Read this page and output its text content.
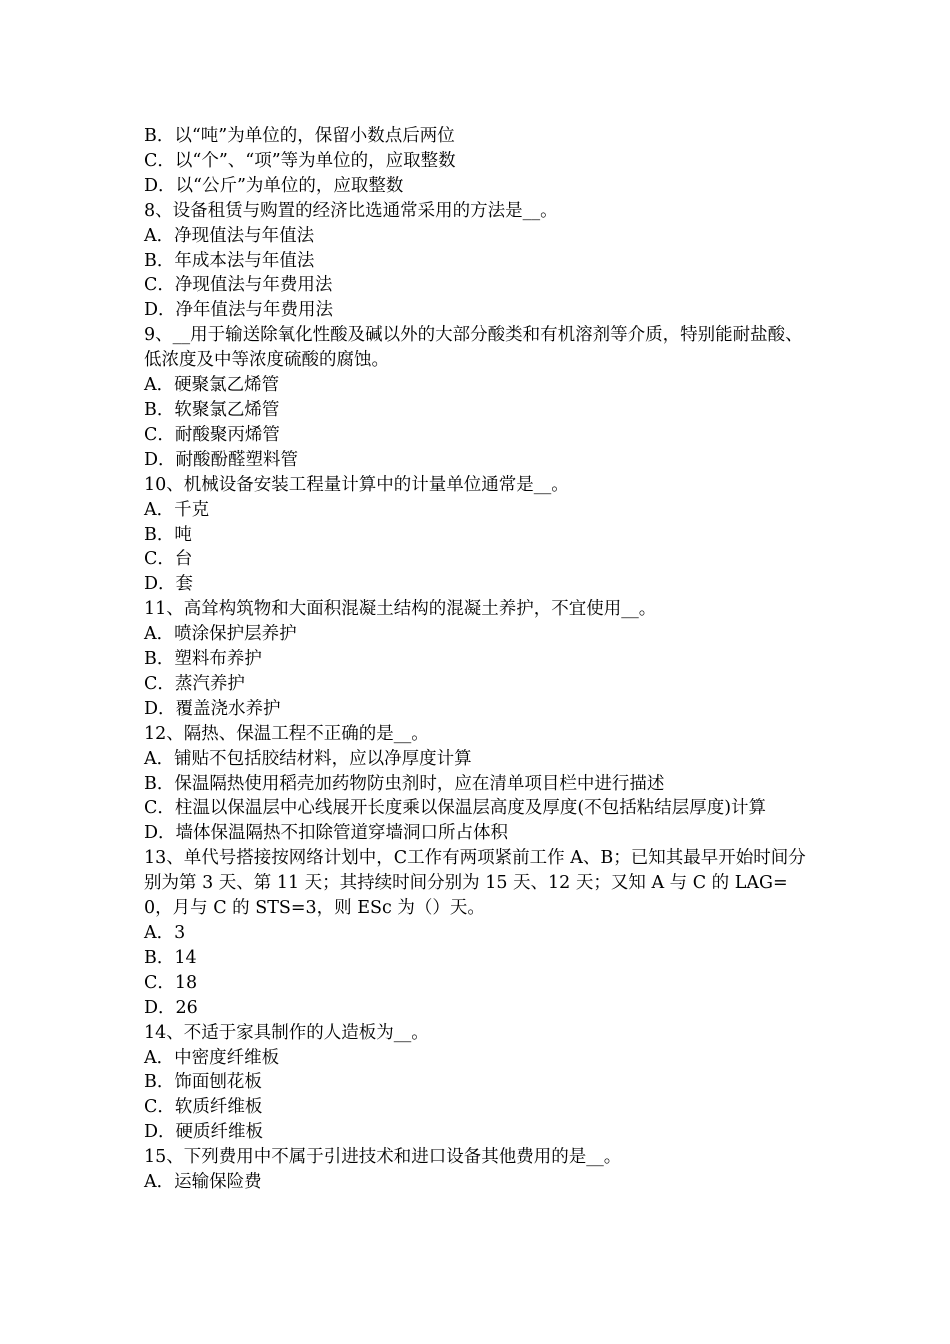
B．以“吨”为单位的，保留小数点后两位

C．以“个”、“项”等为单位的，应取整数

D．以“公斤”为单位的，应取整数

8、设备租赁与购置的经济比选通常采用的方法是__。

A．净现值法与年值法

B．年成本法与年值法

C．净现值法与年费用法

D．净年值法与年费用法

9、__用于输送除氧化性酸及碱以外的大部分酸类和有机溶剂等介质，特别能耐盐酸、低浓度及中等浓度硫酸的腐蚀。

A．硬聚氯乙烯管

B．软聚氯乙烯管

C．耐酸聚丙烯管

D．耐酸酚醛塑料管

10、机械设备安装工程量计算中的计量单位通常是__。

A．千克

B．吨

C．台

D．套

11、高耸构筑物和大面积混凝土结构的混凝土养护，不宜使用__。

A．喷涂保护层养护

B．塑料布养护

C．蒸汽养护

D．覆盖浇水养护

12、隔热、保温工程不正确的是__。

A．铺贴不包括胶结材料，应以净厚度计算

B．保温隔热使用稻壳加药物防虫剂时，应在清单项目栏中进行描述

C．柱温以保温层中心线展开长度乘以保温层高度及厚度(不包括粘结层厚度)计算

D．墙体保温隔热不扣除管道穿墙洞口所占体积

13、单代号搭接按网络计划中，C工作有两项紧前工作 A、B；已知其最早开始时间分别为第 3 天、第 11 天；其持续时间分别为 15 天、12 天；又知 A 与 C 的 LAG=0，月与 C 的 STS=3，则 ESc 为（）天。

A．3

B．14

C．18

D．26

14、不适于家具制作的人造板为__。

A．中密度纤维板

B．饰面刨花板

C．软质纤维板

D．硬质纤维板

15、下列费用中不属于引进技术和进口设备其他费用的是__。

A．运输保险费
